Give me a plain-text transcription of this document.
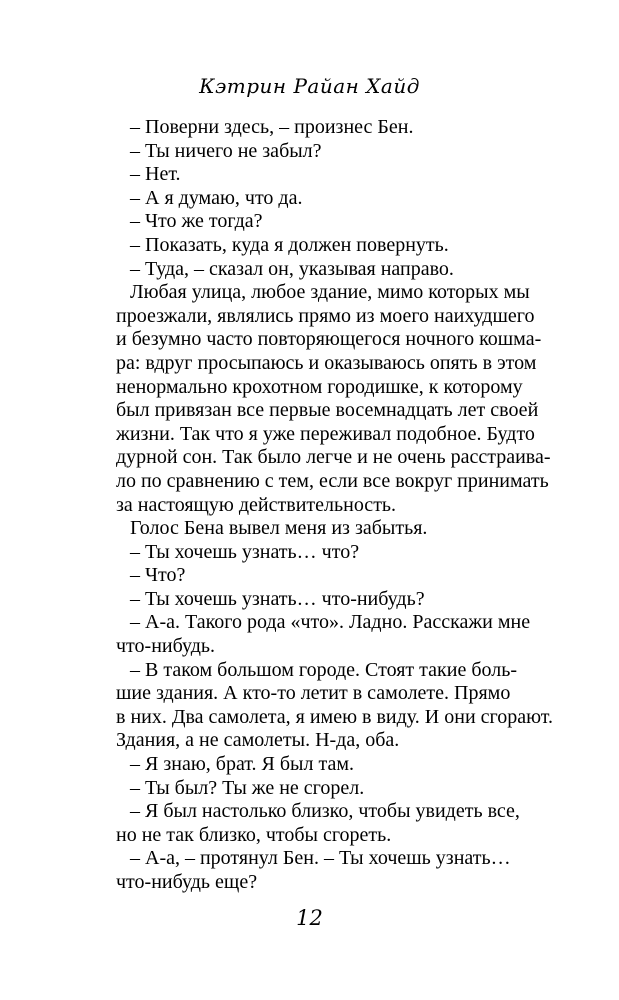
Кэтрин Райан Хайд
– Поверни здесь, – произнес Бен.
– Ты ничего не забыл?
– Нет.
– А я думаю, что да.
– Что же тогда?
– Показать, куда я должен повернуть.
– Туда, – сказал он, указывая направо.
Любая улица, любое здание, мимо которых мы
проезжали, являлись прямо из моего наихудшего
и безумно часто повторяющегося ночного кошма-
ра: вдруг просыпаюсь и оказываюсь опять в этом
ненормально крохотном городишке, к которому
был привязан все первые восемнадцать лет своей
жизни. Так что я уже переживал подобное. Будто
дурной сон. Так было легче и не очень расстраива-
ло по сравнению с тем, если все вокруг принимать
за настоящую действительность.
Голос Бена вывел меня из забытья.
– Ты хочешь узнать… что?
– Что?
– Ты хочешь узнать… что-нибудь?
– А-а. Такого рода «что». Ладно. Расскажи мне
что-нибудь.
– В таком большом городе. Стоят такие боль-
шие здания. А кто-то летит в самолете. Прямо
в них. Два самолета, я имею в виду. И они сгорают.
Здания, а не самолеты. Н-да, оба.
– Я знаю, брат. Я был там.
– Ты был? Ты же не сгорел.
– Я был настолько близко, чтобы увидеть все,
но не так близко, чтобы сгореть.
– А-а, – протянул Бен. – Ты хочешь узнать…
что-нибудь еще?
12
